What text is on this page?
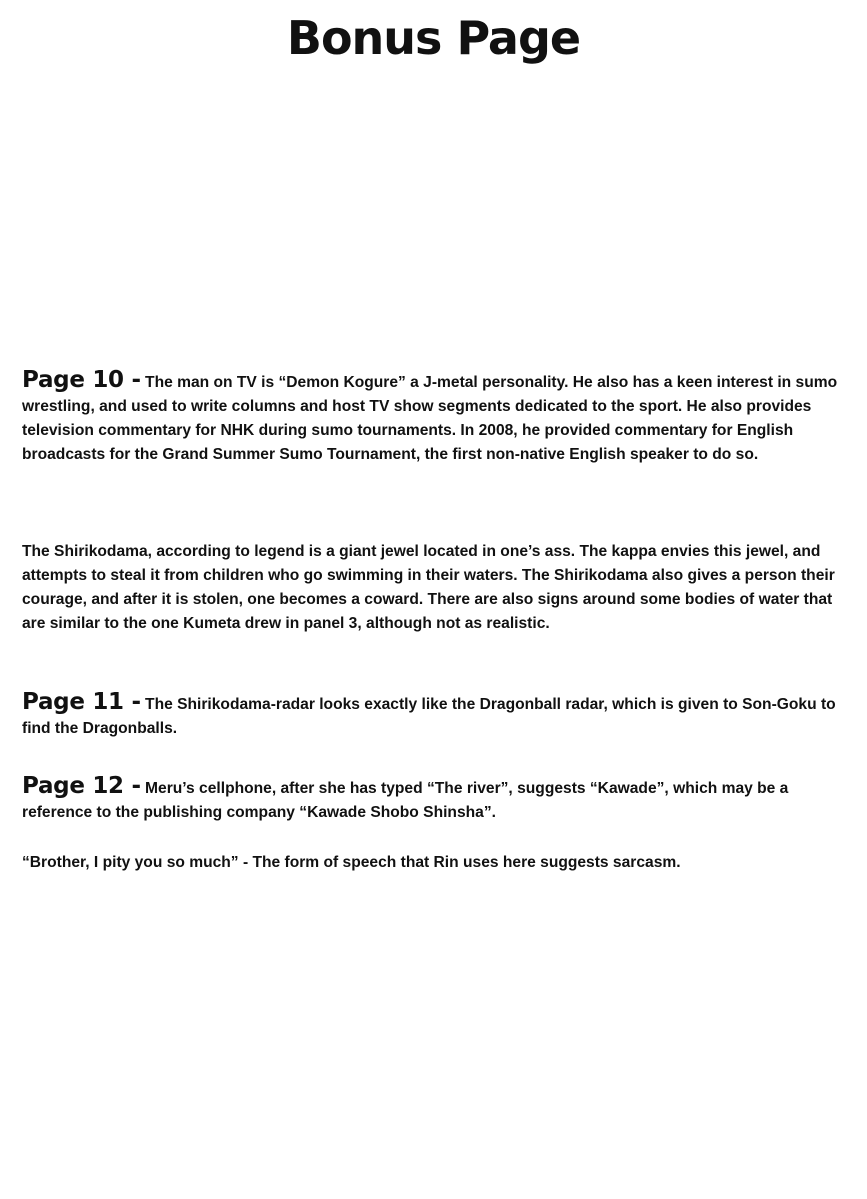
Bonus Page

Page 10 - The man on TV is “Demon Kogure” a J-metal personality. He also has a keen interest in sumo wrestling, and used to write columns and host TV show segments dedicated to the sport. He also provides television commentary for NHK during sumo tournaments. In 2008, he provided commentary for English broadcasts for the Grand Summer Sumo Tournament, the first non-native English speaker to do so.

The Shirikodama, according to legend is a giant jewel located in one’s ass. The kappa envies this jewel, and attempts to steal it from children who go swimming in their waters. The Shirikodama also gives a person their courage, and after it is stolen, one becomes a coward. There are also signs around some bodies of water that are similar to the one Kumeta drew in panel 3, although not as realistic.

Page 11 - The Shirikodama-radar looks exactly like the Dragonball radar, which is given to Son-Goku to find the Dragonballs.

Page 12 - Meru’s cellphone, after she has typed “The river”, suggests “Kawade”, which may be a reference to the publishing company “Kawade Shobo Shinsha”.

“Brother, I pity you so much” - The form of speech that Rin uses here suggests sarcasm.
